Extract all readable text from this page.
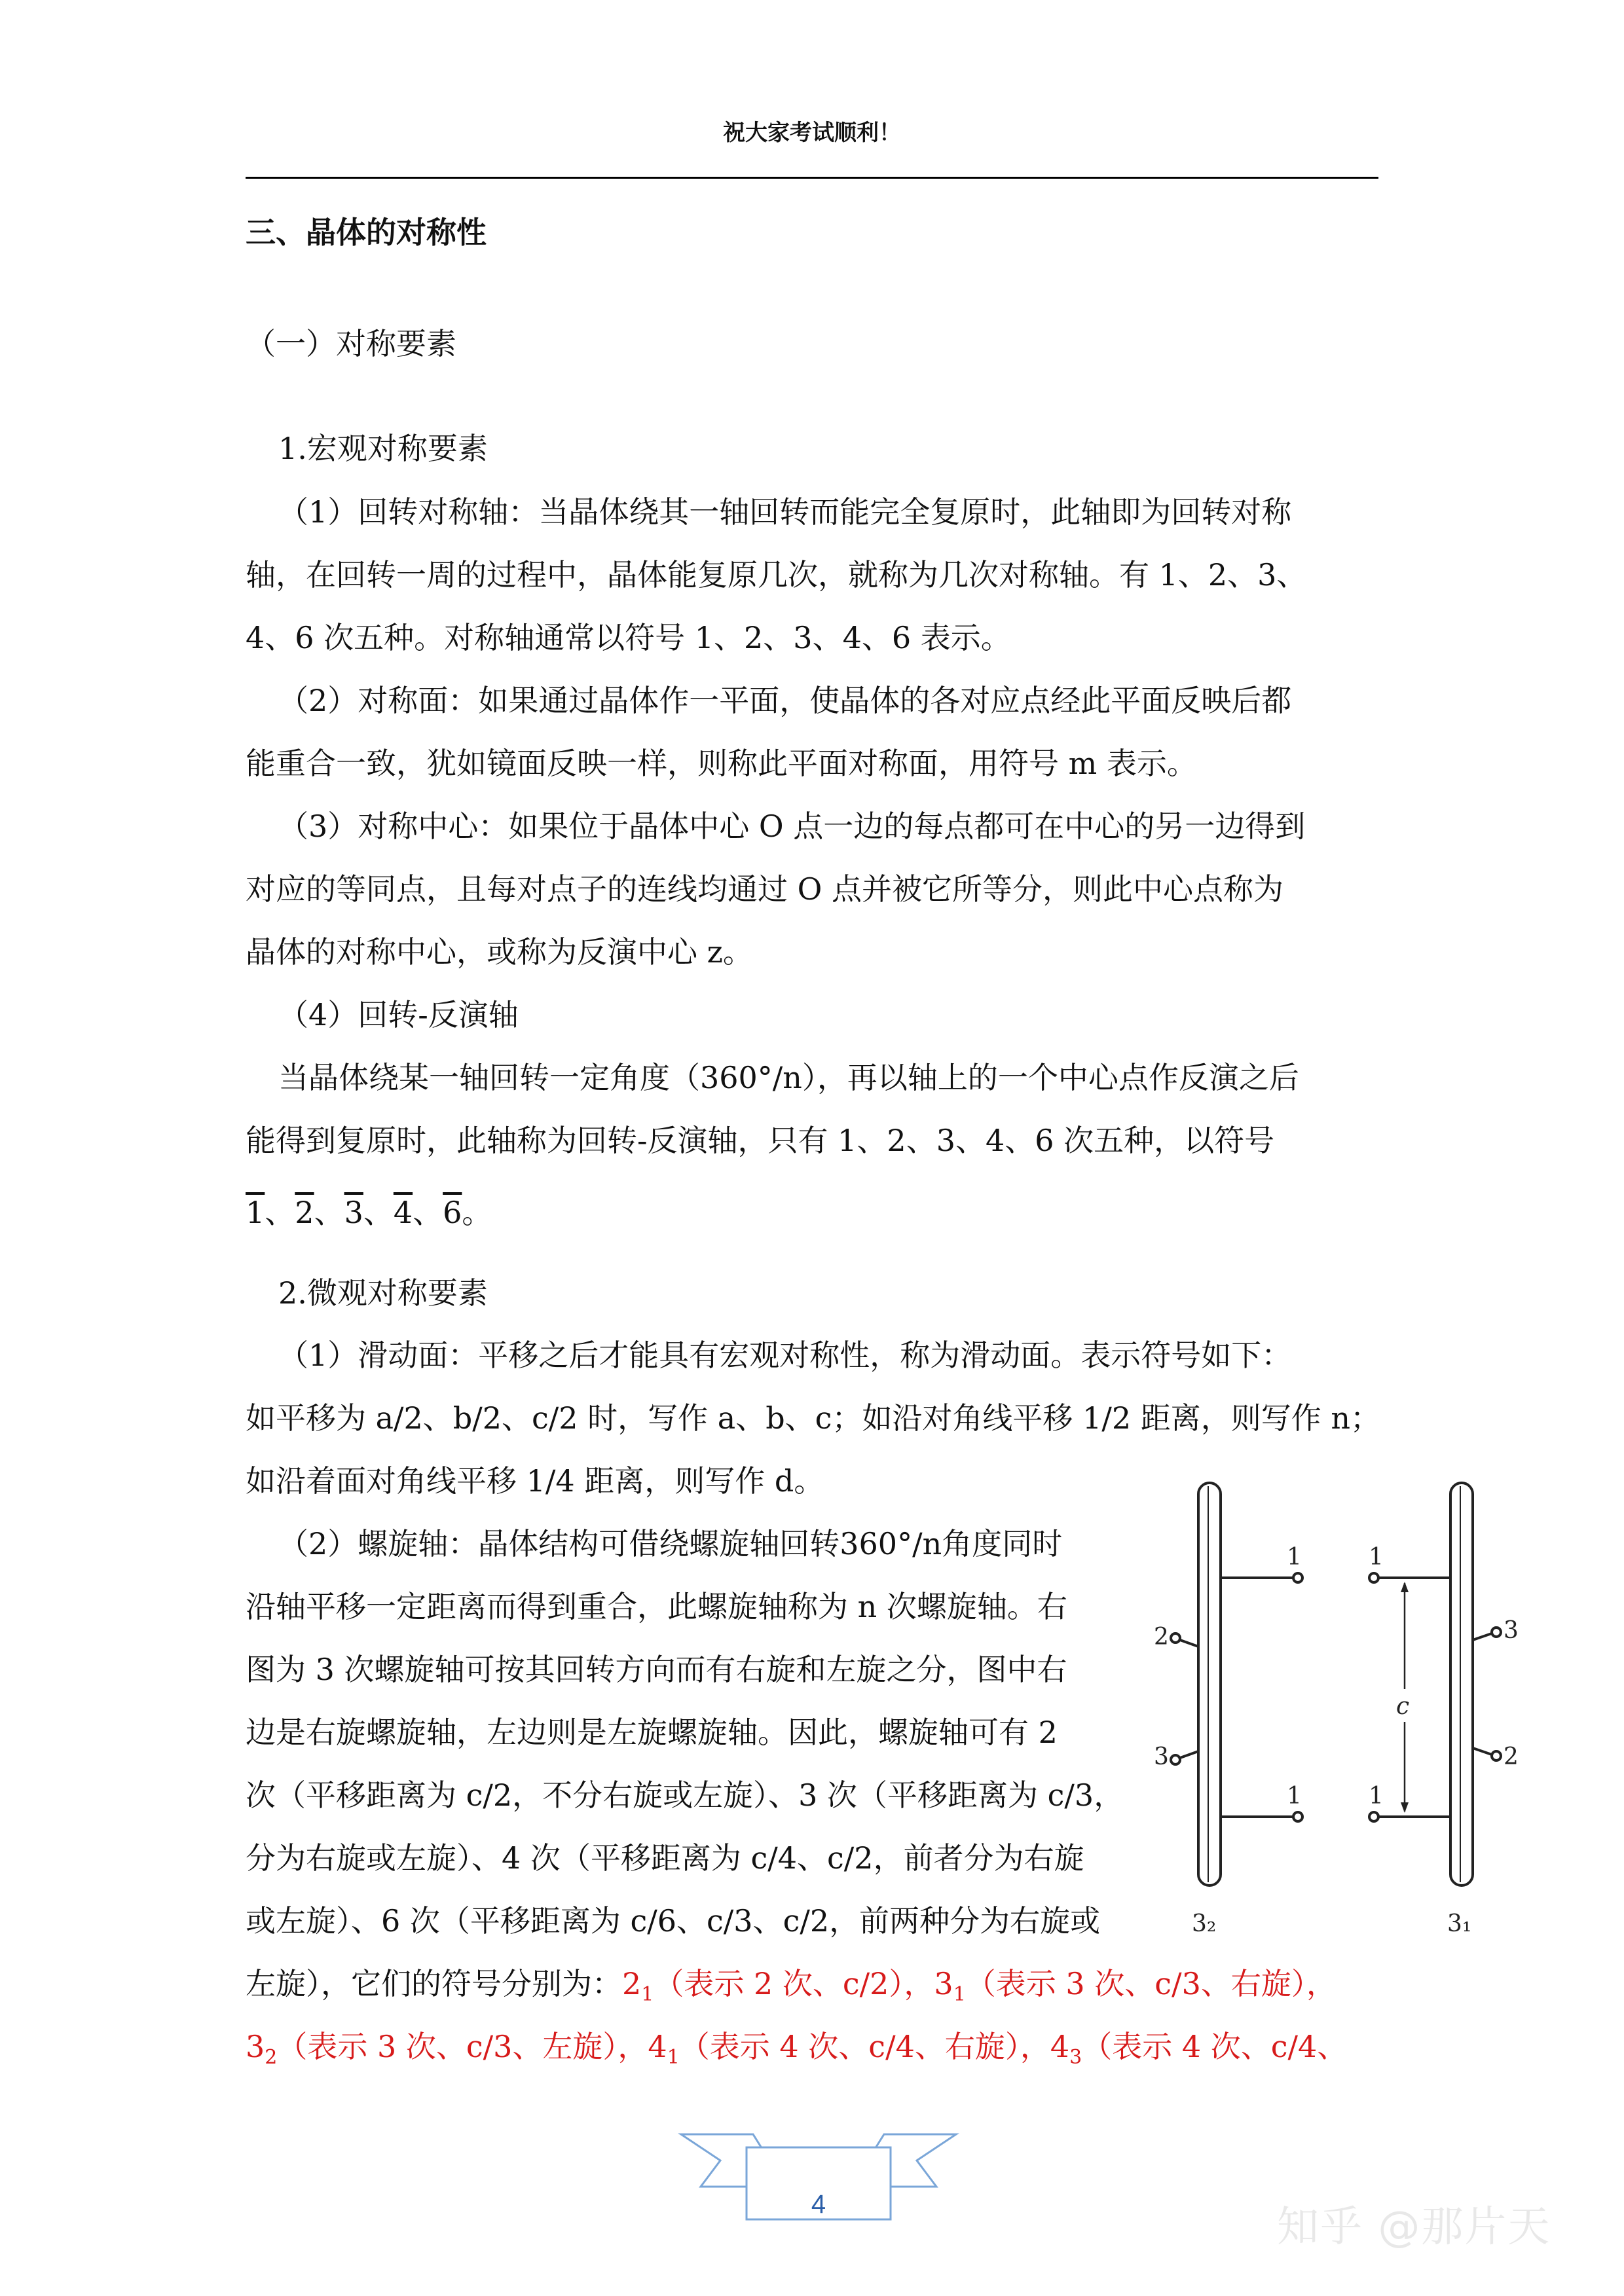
祝大家考试顺利！
三、晶体的对称性
（一）对称要素
1.宏观对称要素
（1）回转对称轴：当晶体绕其一轴回转而能完全复原时，此轴即为回转对称
轴，在回转一周的过程中，晶体能复原几次，就称为几次对称轴。有 1、2、3、
4、6 次五种。对称轴通常以符号 1、2、3、4、6 表示。
（2）对称面：如果通过晶体作一平面，使晶体的各对应点经此平面反映后都
能重合一致，犹如镜面反映一样，则称此平面对称面，用符号 m 表示。
（3）对称中心：如果位于晶体中心 O 点一边的每点都可在中心的另一边得到
对应的等同点，且每对点子的连线均通过 O 点并被它所等分，则此中心点称为
晶体的对称中心，或称为反演中心 z。
（4）回转-反演轴
当晶体绕某一轴回转一定角度（360°/n），再以轴上的一个中心点作反演之后
能得到复原时，此轴称为回转-反演轴，只有 1、2、3、4、6 次五种，以符号
1、2、3、4、6。
2.微观对称要素
（1）滑动面：平移之后才能具有宏观对称性，称为滑动面。表示符号如下：
如平移为 a/2、b/2、c/2 时，写作 a、b、c；如沿对角线平移 1/2 距离，则写作 n；
如沿着面对角线平移 1/4 距离，则写作 d。
（2）螺旋轴：晶体结构可借绕螺旋轴回转360°/n角度同时
沿轴平移一定距离而得到重合，此螺旋轴称为 n 次螺旋轴。右
图为 3 次螺旋轴可按其回转方向而有右旋和左旋之分，图中右
边是右旋螺旋轴，左边则是左旋螺旋轴。因此，螺旋轴可有 2
次（平移距离为 c/2，不分右旋或左旋）、3 次（平移距离为 c/3，
分为右旋或左旋）、4 次（平移距离为 c/4、c/2，前者分为右旋
或左旋）、6 次（平移距离为 c/6、c/3、c/2，前两种分为右旋或
左旋），它们的符号分别为：$2_1$（表示 2 次、c/2），$3_1$（表示 3 次、c/3、右旋），
$3_2$（表示 3 次、c/3、左旋），$4_1$（表示 4 次、c/4、右旋），$4_3$（表示 4 次、c/4、
1
2
3
1
3₂
1
3
2
1
3₁
c
4	知乎 @那片天
